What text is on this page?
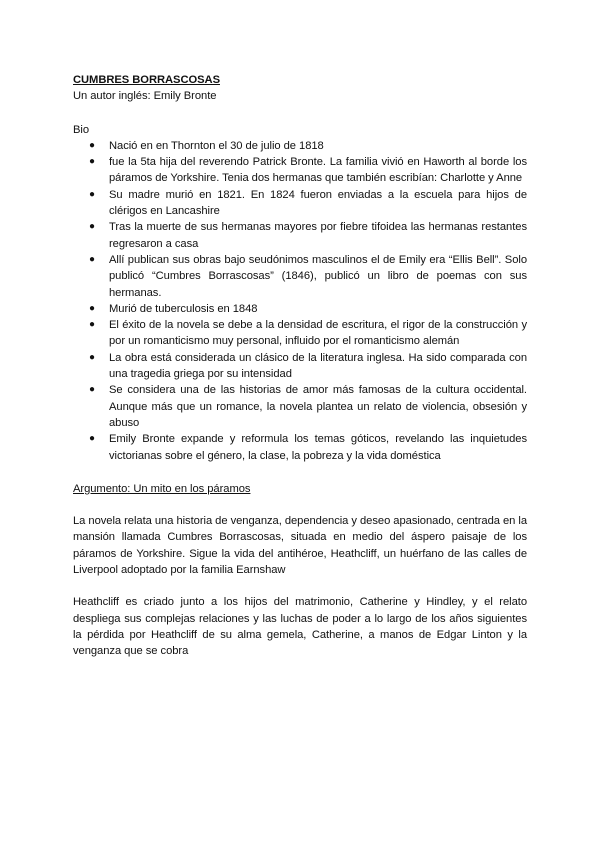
CUMBRES BORRASCOSAS

Un autor inglés: Emily Bronte

Bio

● Nació en en Thornton el 30 de julio de 1818
● fue la 5ta hija del reverendo Patrick Bronte. La familia vivió en Haworth al borde los páramos de Yorkshire. Tenia dos hermanas que también escribían: Charlotte y Anne
● Su madre murió en 1821. En 1824 fueron enviadas a la escuela para hijos de clérigos en Lancashire
● Tras la muerte de sus hermanas mayores por fiebre tifoidea las hermanas restantes regresaron a casa
● Allí publican sus obras bajo seudónimos masculinos el de Emily era “Ellis Bell”. Solo publicó “Cumbres Borrascosas” (1846), publicó un libro de poemas con sus hermanas.
● Murió de tuberculosis en 1848
● El éxito de la novela se debe a la densidad de escritura, el rigor de la construcción y por un romanticismo muy personal, influido por el romanticismo alemán
● La obra está considerada un clásico de la literatura inglesa. Ha sido comparada con una tragedia griega por su intensidad
● Se considera una de las historias de amor más famosas de la cultura occidental. Aunque más que un romance, la novela plantea un relato de violencia, obsesión y abuso
● Emily Bronte expande y reformula los temas góticos, revelando las inquietudes victorianas sobre el género, la clase, la pobreza y la vida doméstica

Argumento: Un mito en los páramos

La novela relata una historia de venganza, dependencia y deseo apasionado, centrada en la mansión llamada Cumbres Borrascosas, situada en medio del áspero paisaje de los páramos de Yorkshire. Sigue la vida del antihéroe, Heathcliff, un huérfano de las calles de Liverpool adoptado por la familia Earnshaw

Heathcliff es criado junto a los hijos del matrimonio, Catherine y Hindley, y el relato despliega sus complejas relaciones y las luchas de poder a lo largo de los años siguientes la pérdida por Heathcliff de su alma gemela, Catherine, a manos de Edgar Linton y la venganza que se cobra
